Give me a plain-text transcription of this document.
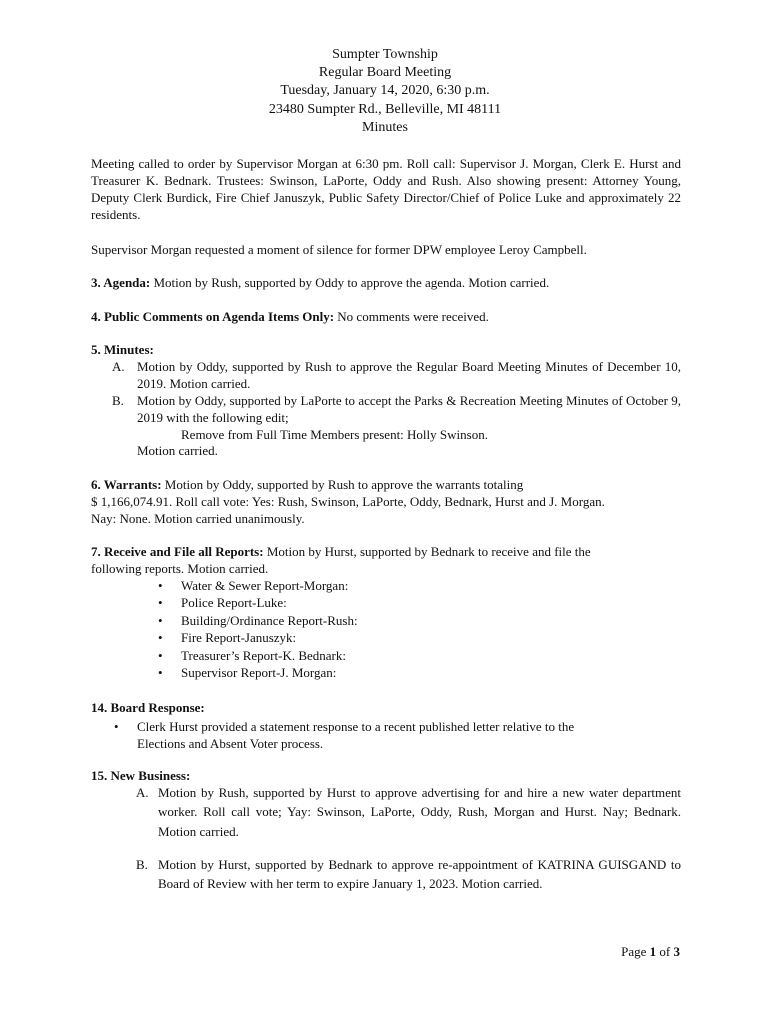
Sumpter Township
Regular Board Meeting
Tuesday, January 14, 2020, 6:30 p.m.
23480 Sumpter Rd., Belleville, MI 48111
Minutes
Meeting called to order by Supervisor Morgan at 6:30 pm. Roll call: Supervisor J. Morgan, Clerk E. Hurst and Treasurer K. Bednark. Trustees: Swinson, LaPorte, Oddy and Rush. Also showing present: Attorney Young, Deputy Clerk Burdick, Fire Chief Januszyk, Public Safety Director/Chief of Police Luke and approximately 22 residents.
Supervisor Morgan requested a moment of silence for former DPW employee Leroy Campbell.
3. Agenda: Motion by Rush, supported by Oddy to approve the agenda. Motion carried.
4. Public Comments on Agenda Items Only: No comments were received.
5. Minutes:
A. Motion by Oddy, supported by Rush to approve the Regular Board Meeting Minutes of December 10, 2019. Motion carried.
B. Motion by Oddy, supported by LaPorte to accept the Parks & Recreation Meeting Minutes of October 9, 2019 with the following edit;
Remove from Full Time Members present: Holly Swinson.
Motion carried.
6. Warrants: Motion by Oddy, supported by Rush to approve the warrants totaling
$ 1,166,074.91. Roll call vote: Yes: Rush, Swinson, LaPorte, Oddy, Bednark, Hurst and J. Morgan.
Nay: None. Motion carried unanimously.
7. Receive and File all Reports: Motion by Hurst, supported by Bednark to receive and file the
following reports. Motion carried.
• Water & Sewer Report-Morgan:
• Police Report-Luke:
• Building/Ordinance Report-Rush:
• Fire Report-Januszyk:
• Treasurer’s Report-K. Bednark:
• Supervisor Report-J. Morgan:
14. Board Response:
• Clerk Hurst provided a statement response to a recent published letter relative to the
Elections and Absent Voter process.
15. New Business:
A. Motion by Rush, supported by Hurst to approve advertising for and hire a new water department worker. Roll call vote; Yay: Swinson, LaPorte, Oddy, Rush, Morgan and Hurst. Nay; Bednark. Motion carried.
B. Motion by Hurst, supported by Bednark to approve re-appointment of KATRINA GUISGAND to Board of Review with her term to expire January 1, 2023. Motion carried.
Page 1 of 3
